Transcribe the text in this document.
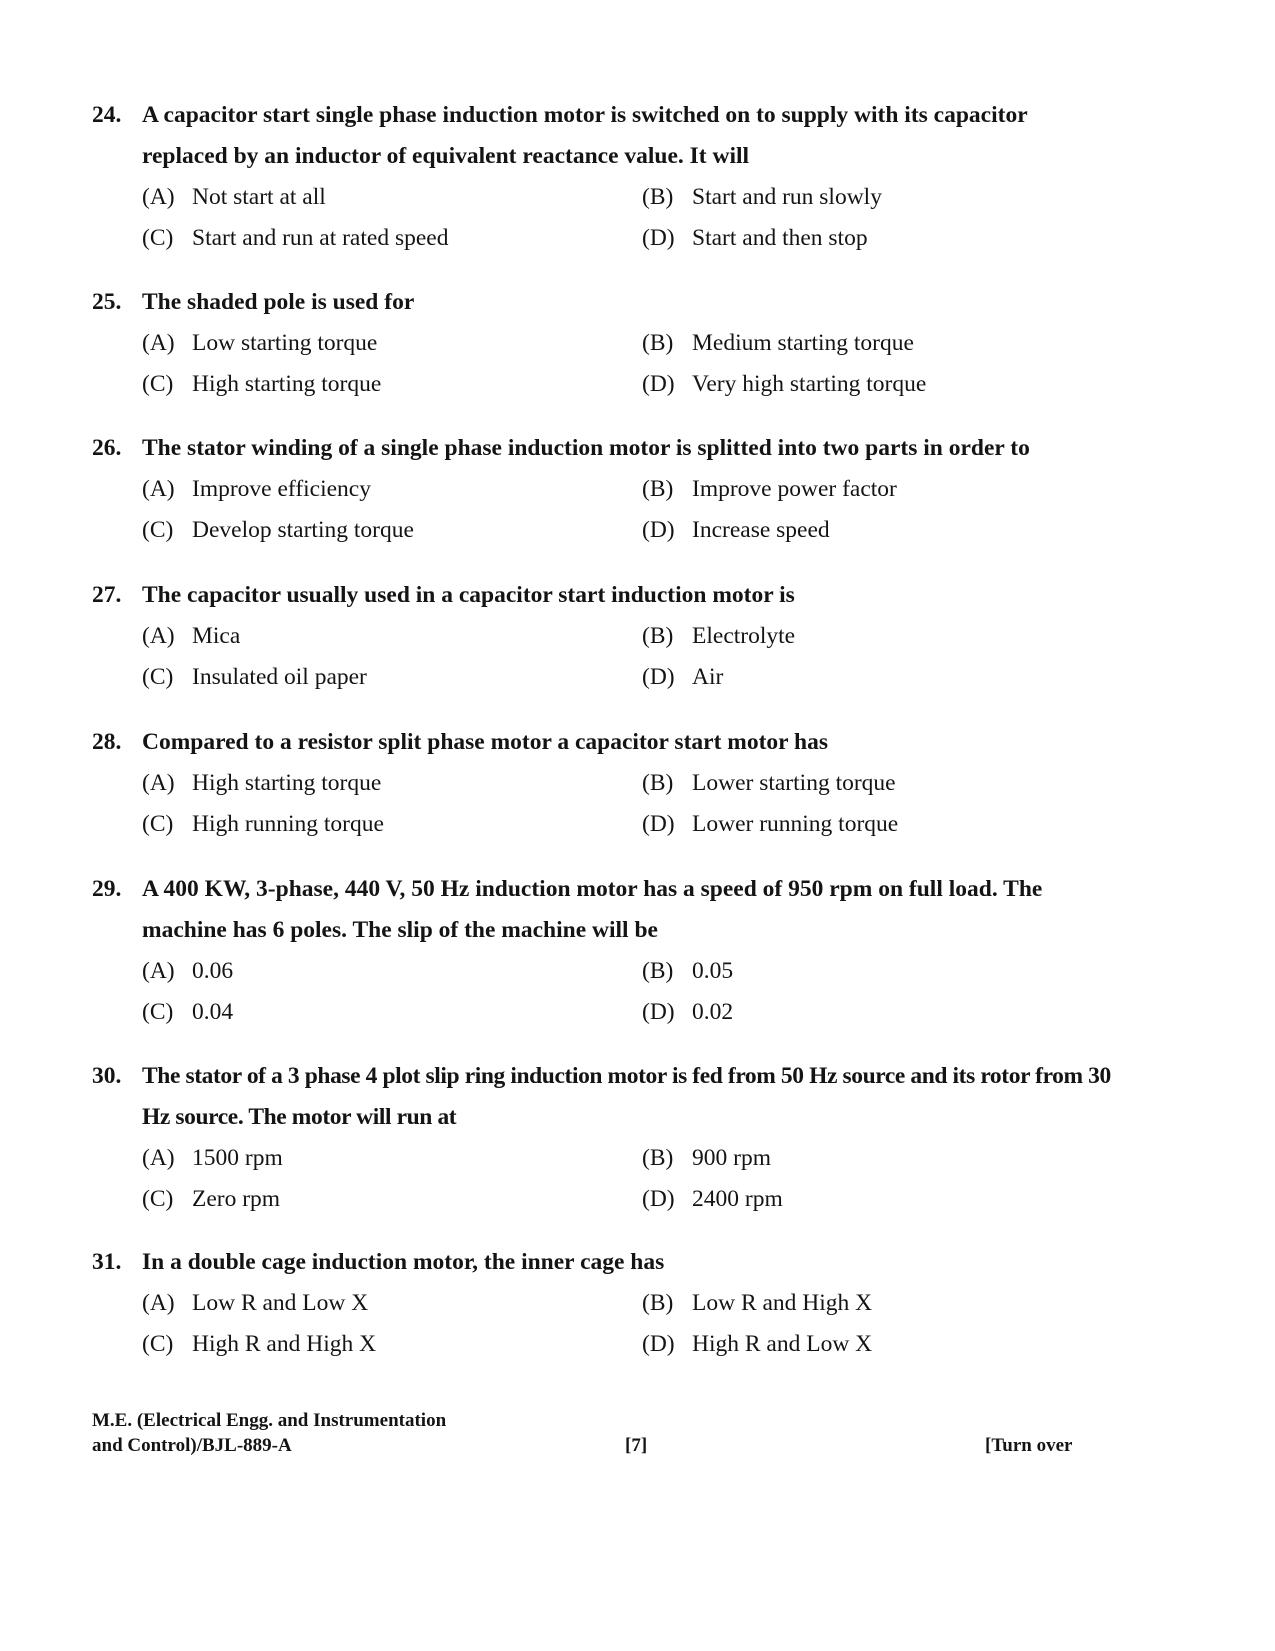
24. A capacitor start single phase induction motor is switched on to supply with its capacitor replaced by an inductor of equivalent reactance value. It will
(A) Not start at all	(B) Start and run slowly
(C) Start and run at rated speed	(D) Start and then stop
25. The shaded pole is used for
(A) Low starting torque	(B) Medium starting torque
(C) High starting torque	(D) Very high starting torque
26. The stator winding of a single phase induction motor is splitted into two parts in order to
(A) Improve efficiency	(B) Improve power factor
(C) Develop starting torque	(D) Increase speed
27. The capacitor usually used in a capacitor start induction motor is
(A) Mica	(B) Electrolyte
(C) Insulated oil paper	(D) Air
28. Compared to a resistor split phase motor a capacitor start motor has
(A) High starting torque	(B) Lower starting torque
(C) High running torque	(D) Lower running torque
29. A 400 KW, 3-phase, 440 V, 50 Hz induction motor has a speed of 950 rpm on full load. The machine has 6 poles. The slip of the machine will be
(A) 0.06	(B) 0.05
(C) 0.04	(D) 0.02
30. The stator of a 3 phase 4 plot slip ring induction motor is fed from 50 Hz source and its rotor from 30 Hz source. The motor will run at
(A) 1500 rpm	(B) 900 rpm
(C) Zero rpm	(D) 2400 rpm
31. In a double cage induction motor, the inner cage has
(A) Low R and Low X	(B) Low R and High X
(C) High R and High X	(D) High R and Low X
M.E. (Electrical Engg. and Instrumentation
and Control)/BJL-889-A	[7]	[Turn over
